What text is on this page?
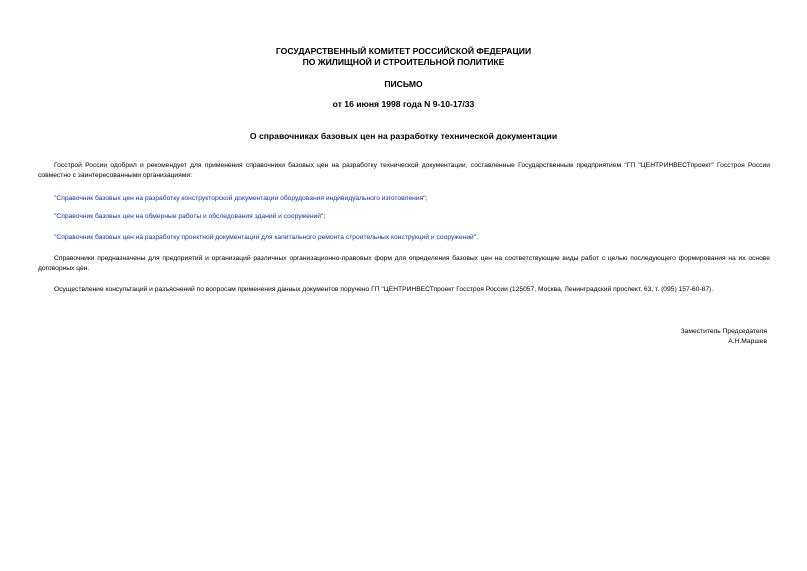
ГОСУДАРСТВЕННЫЙ КОМИТЕТ РОССИЙСКОЙ ФЕДЕРАЦИИ
ПО ЖИЛИЩНОЙ И СТРОИТЕЛЬНОЙ ПОЛИТИКЕ
ПИСЬМО
от 16 июня 1998 года N 9-10-17/33
О справочниках базовых цен на разработку технической документации
Госстрой России одобрил и рекомендует для применения справочники базовых цен на разработку технической документации, составленные Государственным предприятием "ГП "ЦЕНТРИНВЕСТпроект" Госстроя России совместно с заинтересованными организациями:
"Справочник базовых цен на разработку конструкторской документации оборудования индивидуального изготовления";
"Справочник базовых цен на обмерные работы и обследования зданий и сооружений";
"Справочник базовых цен на разработку проектной документации для капитального ремонта строительных конструкций и сооружений".
Справочники предназначены для предприятий и организаций различных организационно-правовых форм для определения базовых цен на соответствующие виды работ с целью последующего формирования на их основе договорных цен.
Осуществление консультаций и разъяснений по вопросам применения данных документов поручено ГП "ЦЕНТРИНВЕСТпроект Госстроя России (125057, Москва, Ленинградский проспект, 63, т. (095) 157-60-87).
Заместитель Председателя
А.Н.Маршев
